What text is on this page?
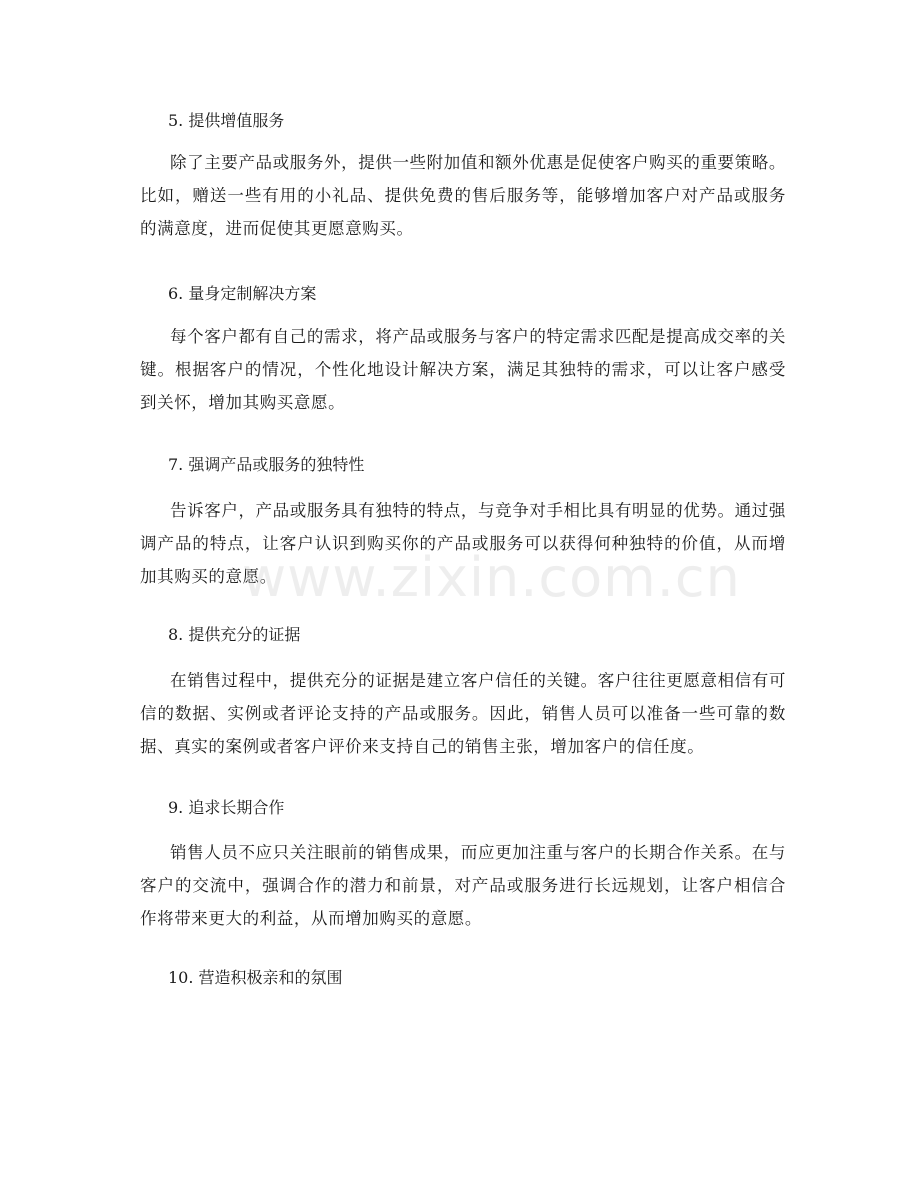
5. 提供增值服务
除了主要产品或服务外，提供一些附加值和额外优惠是促使客户购买的重要策略。比如，赠送一些有用的小礼品、提供免费的售后服务等，能够增加客户对产品或服务的满意度，进而促使其更愿意购买。
6. 量身定制解决方案
每个客户都有自己的需求，将产品或服务与客户的特定需求匹配是提高成交率的关键。根据客户的情况，个性化地设计解决方案，满足其独特的需求，可以让客户感受到关怀，增加其购买意愿。
7. 强调产品或服务的独特性
告诉客户，产品或服务具有独特的特点，与竞争对手相比具有明显的优势。通过强调产品的特点，让客户认识到购买你的产品或服务可以获得何种独特的价值，从而增加其购买的意愿。
8. 提供充分的证据
在销售过程中，提供充分的证据是建立客户信任的关键。客户往往更愿意相信有可信的数据、实例或者评论支持的产品或服务。因此，销售人员可以准备一些可靠的数据、真实的案例或者客户评价来支持自己的销售主张，增加客户的信任度。
9. 追求长期合作
销售人员不应只关注眼前的销售成果，而应更加注重与客户的长期合作关系。在与客户的交流中，强调合作的潜力和前景，对产品或服务进行长远规划，让客户相信合作将带来更大的利益，从而增加购买的意愿。
10. 营造积极亲和的氛围
www.zixin.com.cn
